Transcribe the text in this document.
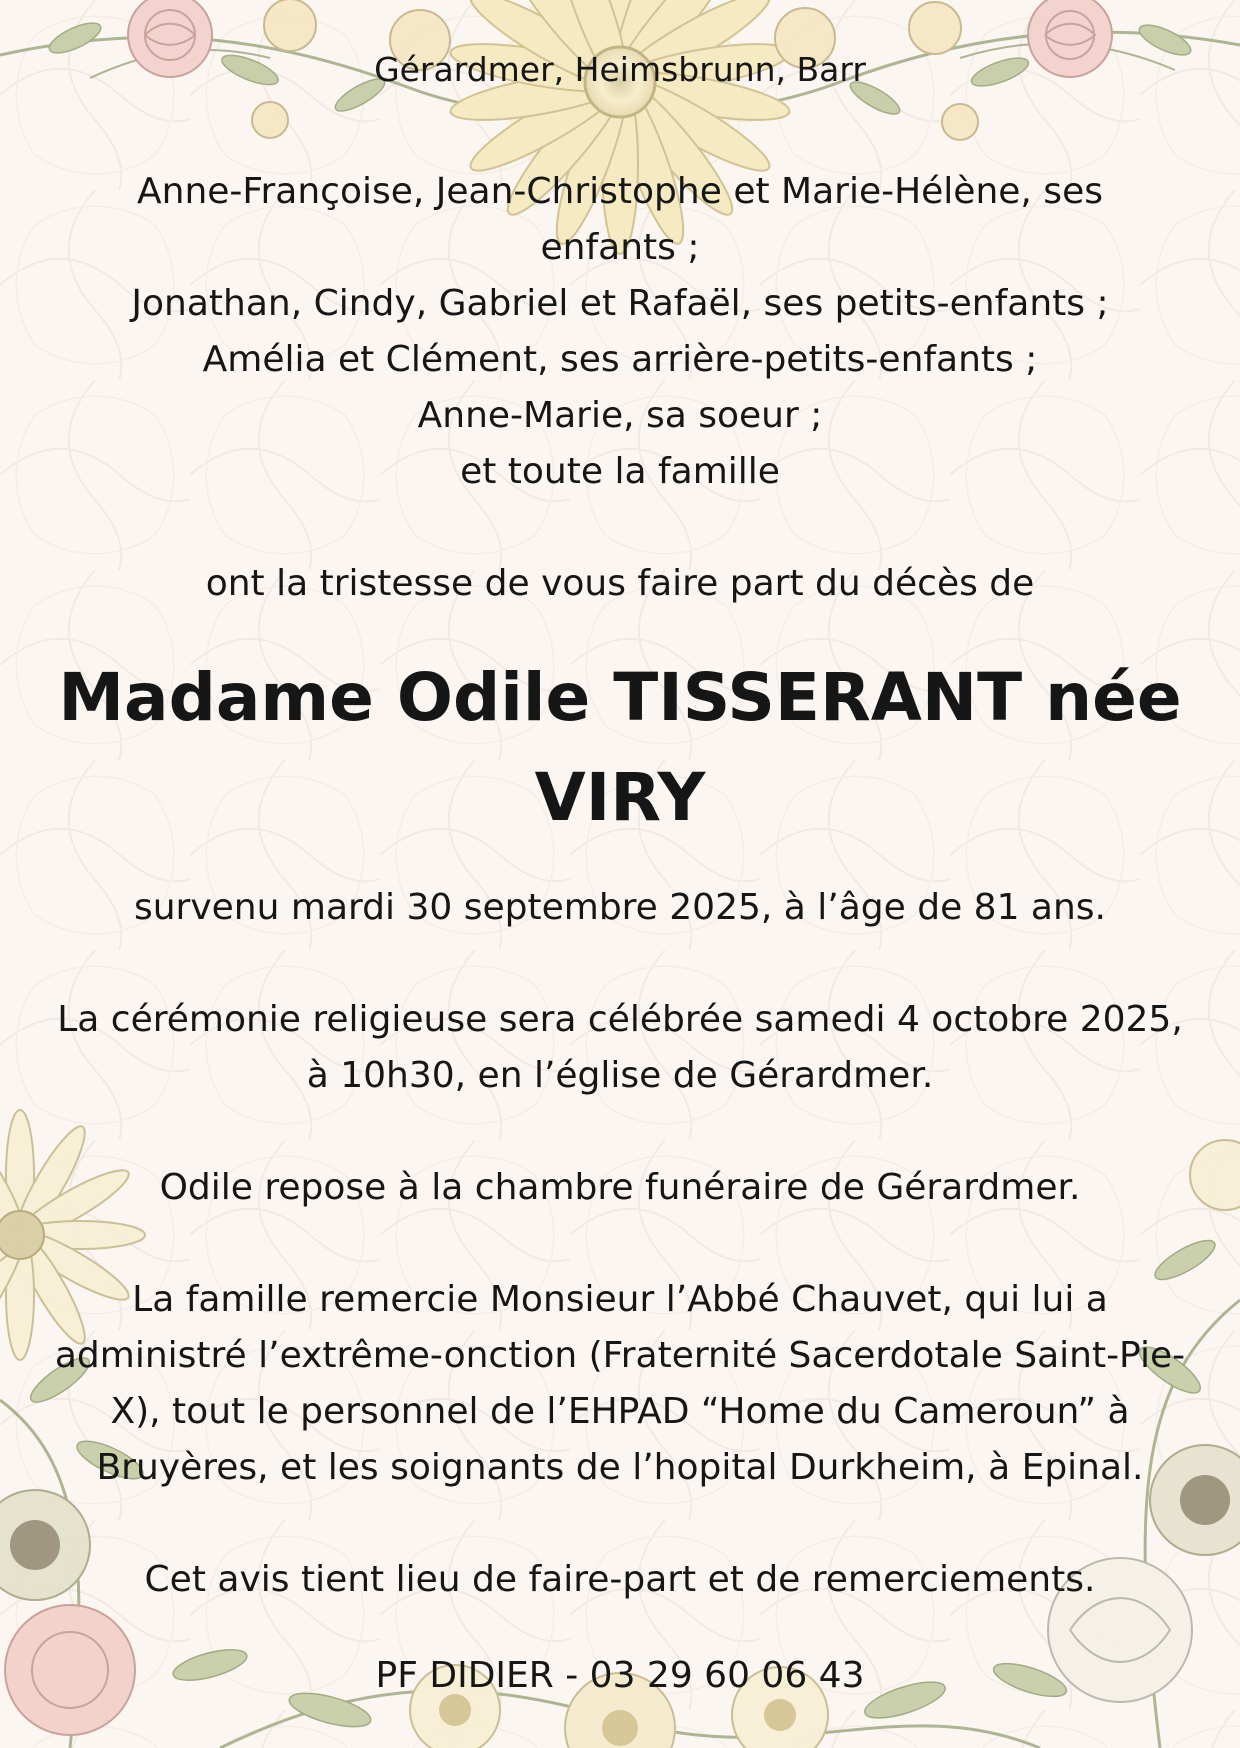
Gérardmer, Heimsbrunn, Barr
Anne-Françoise, Jean-Christophe et Marie-Hélène, ses
enfants ;
Jonathan, Cindy, Gabriel et Rafaël, ses petits-enfants ;
Amélia et Clément, ses arrière-petits-enfants ;
Anne-Marie, sa soeur ;
et toute la famille
ont la tristesse de vous faire part du décès de
Madame Odile TISSERANT née
VIRY
survenu mardi 30 septembre 2025, à l’âge de 81 ans.
La cérémonie religieuse sera célébrée samedi 4 octobre 2025,
à 10h30, en l’église de Gérardmer.
Odile repose à la chambre funéraire de Gérardmer.
La famille remercie Monsieur l’Abbé Chauvet, qui lui a
administré l’extrême-onction (Fraternité Sacerdotale Saint-Pie-
X), tout le personnel de l’EHPAD “Home du Cameroun” à
Bruyères, et les soignants de l’hopital Durkheim, à Epinal.
Cet avis tient lieu de faire-part et de remerciements.
PF DIDIER - 03 29 60 06 43
